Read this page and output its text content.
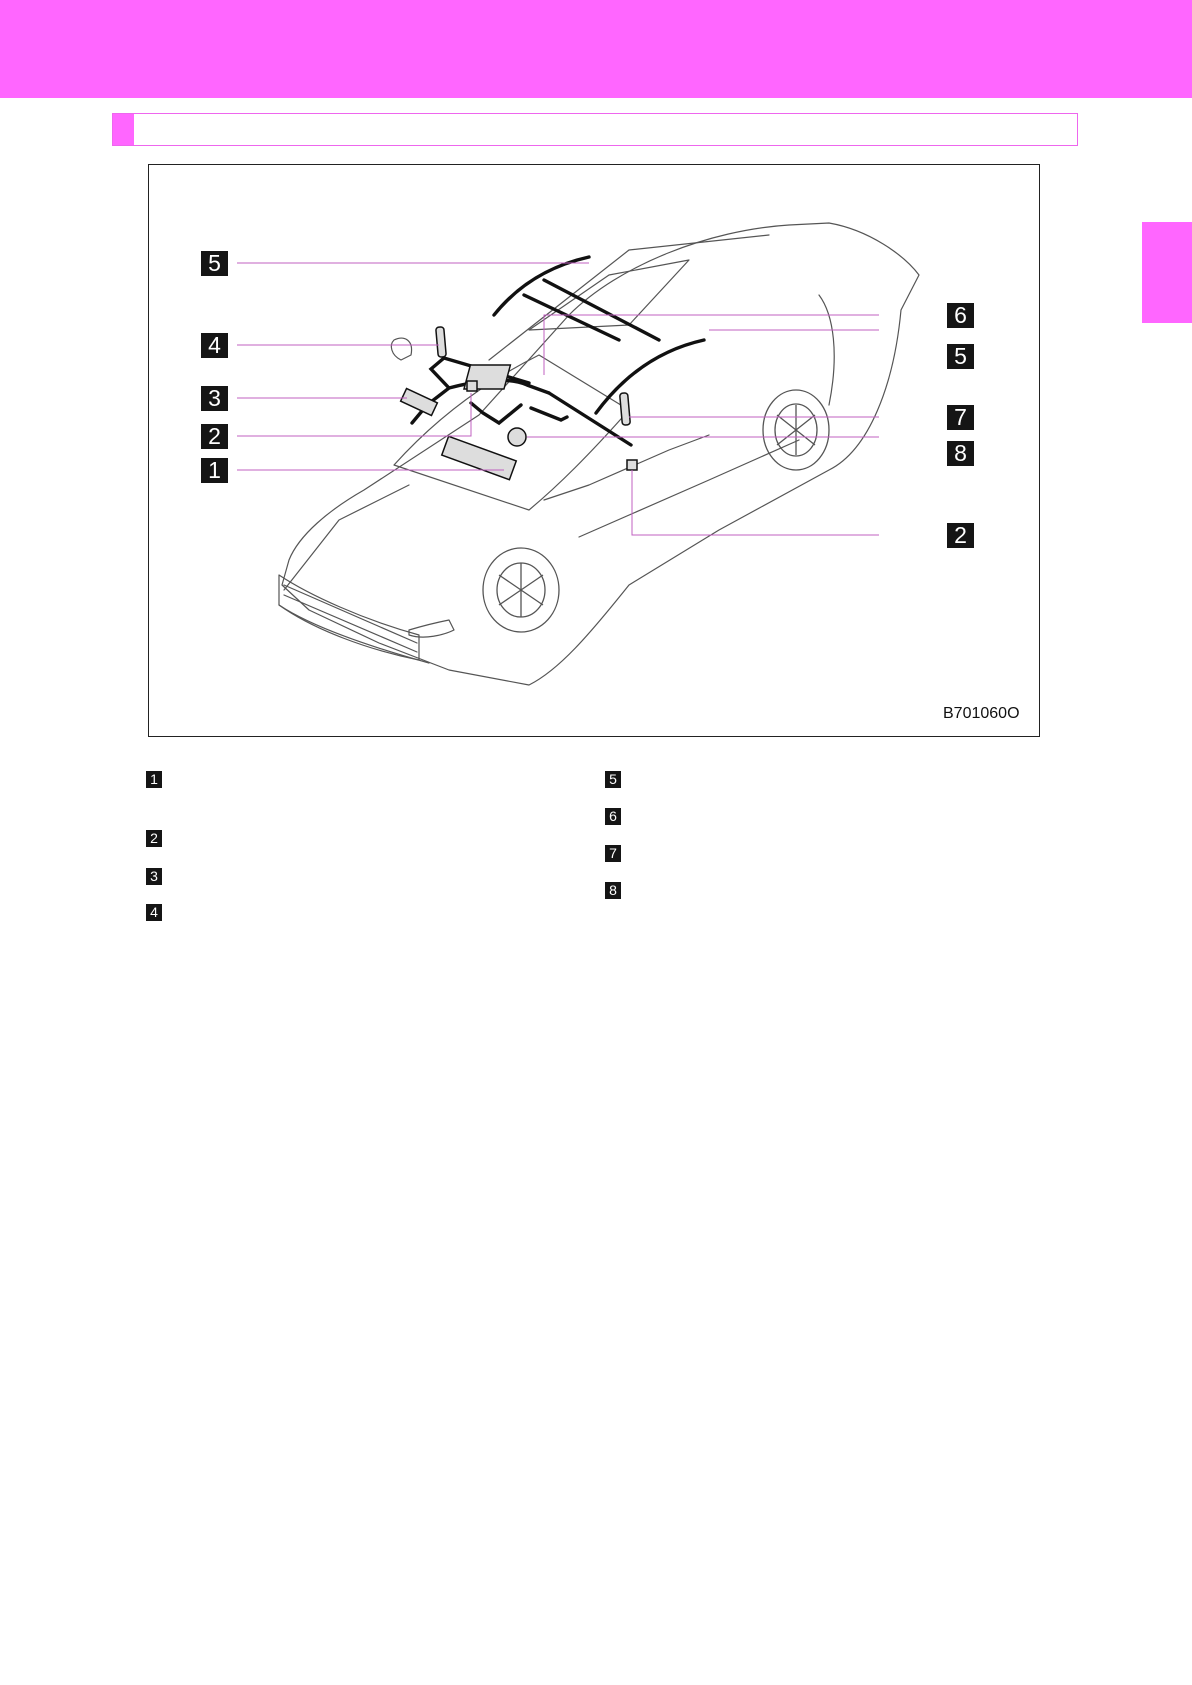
5
4
3
2
1
6
5
7
8
2
B701060O
1
2
3
4
5
6
7
8
